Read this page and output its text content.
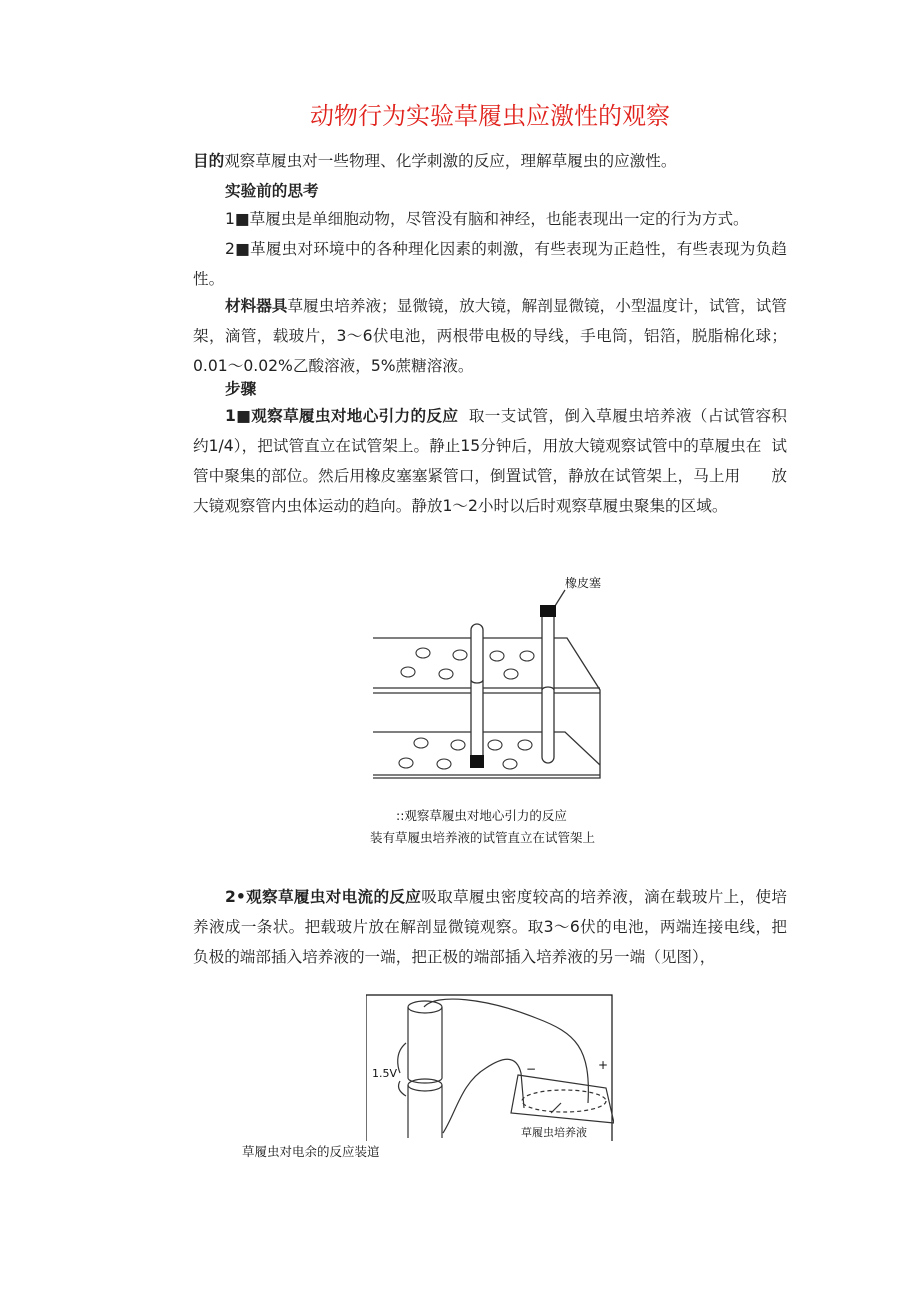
动物行为实验草履虫应激性的观察
目的观察草履虫对一些物理、化学刺激的反应，理解草履虫的应激性。
实验前的思考
1■草履虫是单细胞动物，尽管没有脑和神经，也能表现出一定的行为方式。
2■革履虫对环境中的各种理化因素的刺激，有些表现为正趋性，有些表现为负趋性。
材料器具草履虫培养液；显微镜，放大镜，解剖显微镜，小型温度计，试管，试管架，滴管，载玻片，3〜6伏电池，两根带电极的导线，手电筒，铝箔，脱脂棉化球；0.01〜0.02%乙酸溶液，5%蔗糖溶液。
步骤
1■观察草履虫对地心引力的反应  取一支试管，倒入草履虫培养液（占试管容积  约1/4），把试管直立在试管架上。静止15分钟后，用放大镜观察试管中的草履虫在  试管中聚集的部位。然后用橡皮塞塞紧管口，倒置试管，静放在试管架上，马上用　　放大镜观察管内虫体运动的趋向。静放1〜2小时以后时观察草履虫聚集的区域。
橡皮塞
::观察草履虫对地心引力的反应
装有草履虫培养液的试管直立在试管架上
2•观察草履虫对电流的反应吸取草履虫密度较高的培养液，滴在载玻片上，使培养液成一条状。把载玻片放在解剖显微镜观察。取3〜6伏的电池，两端连接电线，把负极的端部插入培养液的一端，把正极的端部插入培养液的另一端（见图），
1.5V	−	+
草履虫培养液
草履虫对电余的反应装逭
